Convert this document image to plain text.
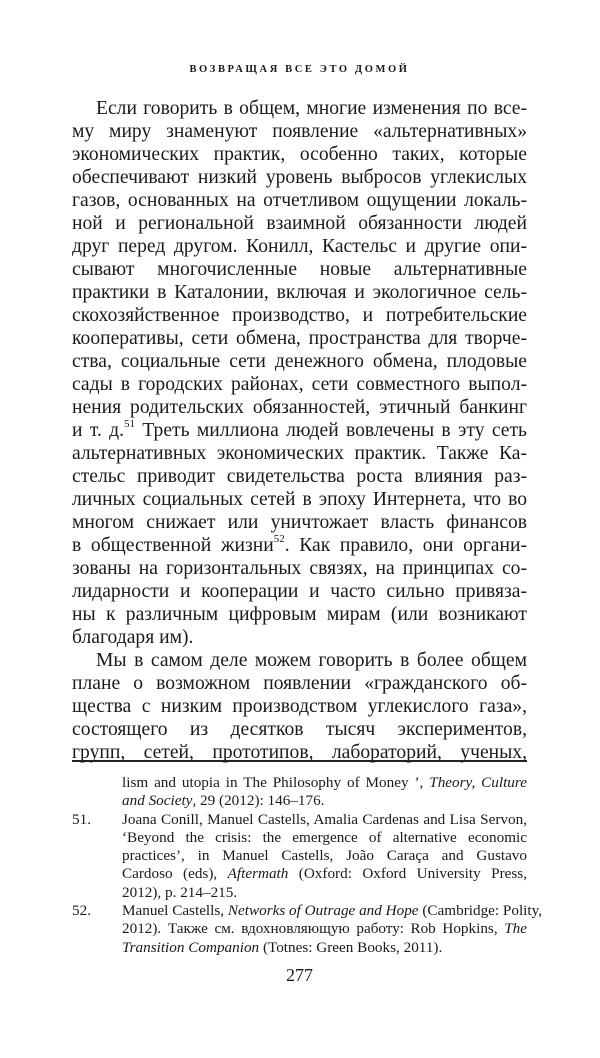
ВОЗВРАЩАЯ ВСЕ ЭТО ДОМОЙ
Если говорить в общем, многие изменения по все-
му миру знаменуют появление «альтернативных»
экономических практик, особенно таких, которые
обеспечивают низкий уровень выбросов углекислых
газов, основанных на отчетливом ощущении локаль-
ной и региональной взаимной обязанности людей
друг перед другом. Конилл, Кастельс и другие опи-
сывают многочисленные новые альтернативные
практики в Каталонии, включая и экологичное сель-
скохозяйственное производство, и потребительские
кооперативы, сети обмена, пространства для творче-
ства, социальные сети денежного обмена, плодовые
сады в городских районах, сети совместного выпол-
нения родительских обязанностей, этичный банкинг
и т. д.$^{51}$ Треть миллиона людей вовлечены в эту сеть
альтернативных экономических практик. Также Ка-
стельс приводит свидетельства роста влияния раз-
личных социальных сетей в эпоху Интернета, что во
многом снижает или уничтожает власть финансов
в общественной жизни$^{52}$. Как правило, они органи-
зованы на горизонтальных связях, на принципах со-
лидарности и кооперации и часто сильно привяза-
ны к различным цифровым мирам (или возникают
благодаря им).
Мы в самом деле можем говорить в более общем
плане о возможном появлении «гражданского об-
щества с низким производством углекислого газа»,
состоящего из десятков тысяч экспериментов,
групп, сетей, прототипов, лабораторий, ученых,
lism and utopia in The Philosophy of Money ’, Theory, Culture
and Society, 29 (2012): 146–176.
51. Joana Conill, Manuel Castells, Amalia Cardenas and Lisa Servon,
‘Beyond the crisis: the emergence of alternative economic
practices’, in Manuel Castells, João Caraça and Gustavo
Cardoso (eds), Aftermath (Oxford: Oxford University Press,
2012), p. 214–215.
52. Manuel Castells, Networks of Outrage and Hope (Cambridge: Polity,
2012). Также см. вдохновляющую работу: Rob Hopkins, The
Transition Companion (Totnes: Green Books, 2011).
277
